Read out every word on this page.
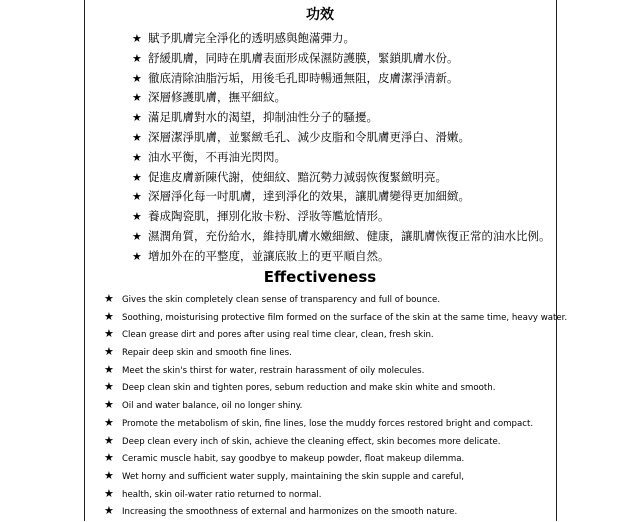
功效
★ 賦予肌膚完全淨化的透明感與飽滿彈力。
★ 舒緩肌膚，同時在肌膚表面形成保濕防護膜，緊鎖肌膚水份。
★ 徹底清除油脂污垢，用後毛孔即時暢通無阻，皮膚潔淨清新。
★ 深層修護肌膚，撫平細紋。
★ 滿足肌膚對水的渴望，抑制油性分子的騷擾。
★ 深層潔淨肌膚，並緊緻毛孔、減少皮脂和令肌膚更淨白、滑嫩。
★ 油水平衡，不再油光閃閃。
★ 促進皮膚新陳代謝，使細紋、黯沉勢力減弱恢復緊緻明亮。
★ 深層淨化每一吋肌膚，達到淨化的效果，讓肌膚變得更加細緻。
★ 養成陶瓷肌，揮別化妝卡粉、浮妝等尷尬情形。
★ 濕潤角質，充份給水，維持肌膚水嫩細緻、健康，讓肌膚恢復正常的油水比例。
★ 增加外在的平整度，並讓底妝上的更平順自然。
Effectiveness
★ Gives the skin completely clean sense of transparency and full of bounce.
★ Soothing, moisturising protective film formed on the surface of the skin at the same time, heavy water.
★ Clean grease dirt and pores after using real time clear, clean, fresh skin.
★ Repair deep skin and smooth fine lines.
★ Meet the skin's thirst for water, restrain harassment of oily molecules.
★ Deep clean skin and tighten pores, sebum reduction and make skin white and smooth.
★ Oil and water balance, oil no longer shiny.
★ Promote the metabolism of skin, fine lines, lose the muddy forces restored bright and compact.
★ Deep clean every inch of skin, achieve the cleaning effect, skin becomes more delicate.
★ Ceramic muscle habit, say goodbye to makeup powder, float makeup dilemma.
★ Wet horny and sufficient water supply, maintaining the skin supple and careful,
★ health, skin oil-water ratio returned to normal.
★ Increasing the smoothness of external and harmonizes on the smooth nature.
